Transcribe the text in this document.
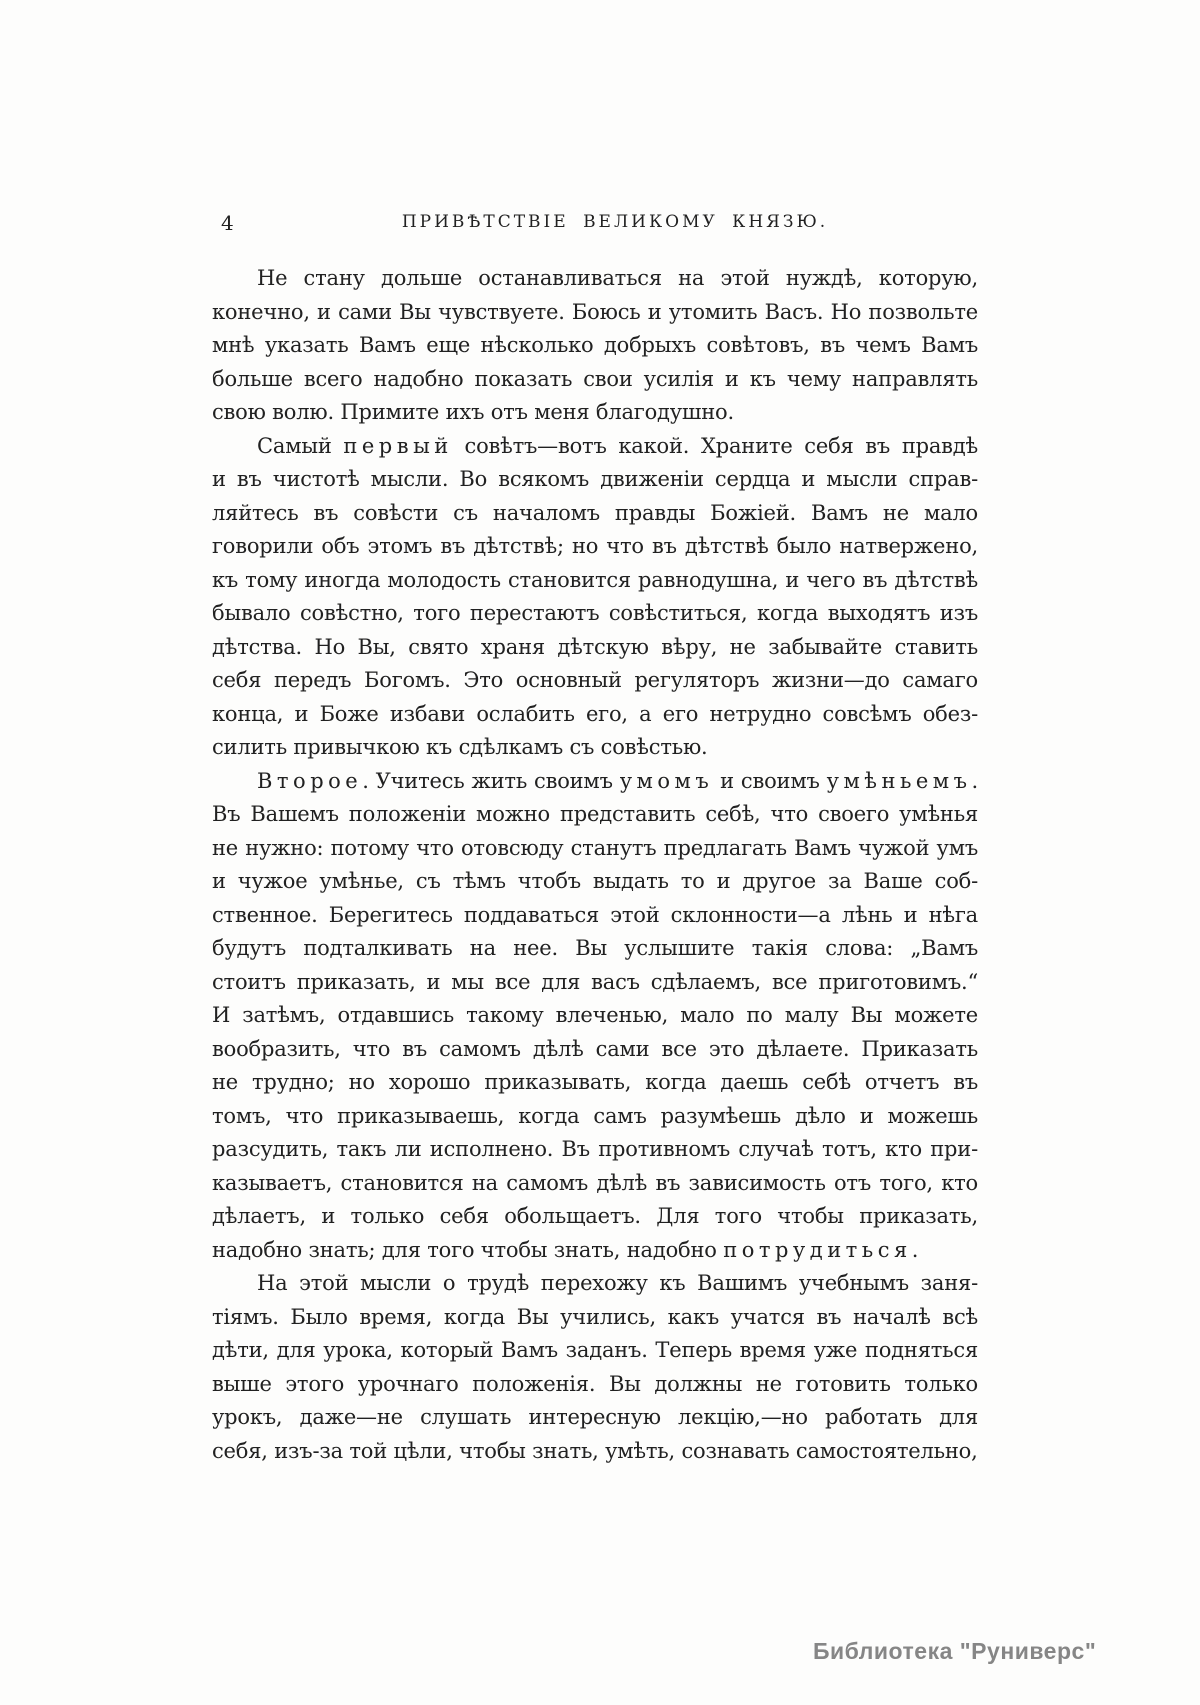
4	ПРИВѢТСТВІЕ ВЕЛИКОМУ КНЯЗЮ.
Не стану дольше останавливаться на этой нуждѣ, которую,
конечно, и сами Вы чувствуете. Боюсь и утомить Васъ. Но позвольте
мнѣ указать Вамъ еще нѣсколько добрыхъ совѣтовъ, въ чемъ Вамъ
больше всего надобно показать свои усилія и къ чему направлять
свою волю. Примите ихъ отъ меня благодушно.
Самый первый совѣтъ—вотъ какой. Храните себя въ правдѣ
и въ чистотѣ мысли. Во всякомъ движеніи сердца и мысли справ-
ляйтесь въ совѣсти съ началомъ правды Божіей. Вамъ не мало
говорили объ этомъ въ дѣтствѣ; но что въ дѣтствѣ было натвержено,
къ тому иногда молодость становится равнодушна, и чего въ дѣтствѣ
бывало совѣстно, того перестаютъ совѣститься, когда выходятъ изъ
дѣтства. Но Вы, свято храня дѣтскую вѣру, не забывайте ставить
себя передъ Богомъ. Это основный регуляторъ жизни—до самаго
конца, и Боже избави ослабить его, а его нетрудно совсѣмъ обез-
силить привычкою къ сдѣлкамъ съ совѣстью.
Второе. Учитесь жить своимъ умомъ и своимъ умѣньемъ.
Въ Вашемъ положеніи можно представить себѣ, что своего умѣнья
не нужно: потому что отовсюду станутъ предлагать Вамъ чужой умъ
и чужое умѣнье, съ тѣмъ чтобъ выдать то и другое за Ваше соб-
ственное. Берегитесь поддаваться этой склонности—а лѣнь и нѣга
будутъ подталкивать на нее. Вы услышите такія слова: „Вамъ
стоитъ приказать, и мы все для васъ сдѣлаемъ, все приготовимъ.“
И затѣмъ, отдавшись такому влеченью, мало по малу Вы можете
вообразить, что въ самомъ дѣлѣ сами все это дѣлаете. Приказать
не трудно; но хорошо приказывать, когда даешь себѣ отчетъ въ
томъ, что приказываешь, когда самъ разумѣешь дѣло и можешь
разсудить, такъ ли исполнено. Въ противномъ случаѣ тотъ, кто при-
казываетъ, становится на самомъ дѣлѣ въ зависимость отъ того, кто
дѣлаетъ, и только себя обольщаетъ. Для того чтобы приказать,
надобно знать; для того чтобы знать, надобно потрудиться.
На этой мысли о трудѣ перехожу къ Вашимъ учебнымъ заня-
тіямъ. Было время, когда Вы учились, какъ учатся въ началѣ всѣ
дѣти, для урока, который Вамъ заданъ. Теперь время уже подняться
выше этого урочнаго положенія. Вы должны не готовить только
урокъ, даже—не слушать интересную лекцію,—но работать для
себя, изъ-за той цѣли, чтобы знать, умѣть, сознавать самостоятельно,
Библиотека "Руниверс"
